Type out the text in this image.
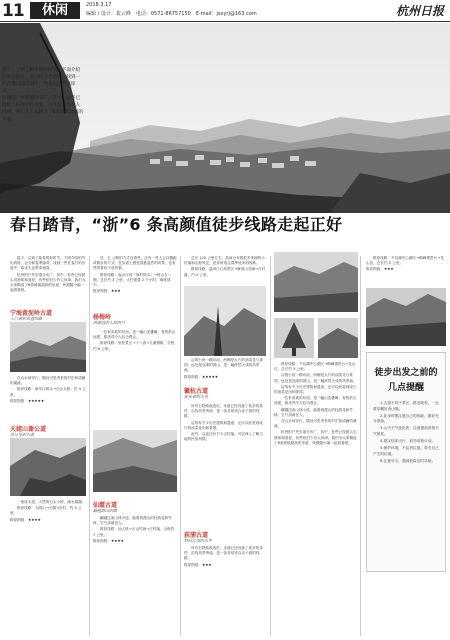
11	休闲	2018.3.17
编辑 / 设计：裴云峰　电话：0571-86757150　E-mail：jsxyrj@163.com	杭州日报

踏下、又到了踏青的好时节。下面介绍的外出的时，会分和春季踏青，找到一些在春日的步道中，给来生活带来惊喜。

杭州的户外步道分布广，其中，有些已经被人们熟知和喜爱，有些依旧少有人问津。我们为大家精选了6条颜值超高的步道。

春日踏青，“浙”6 条高颜值徒步线路走起正好

踏下、又到了踏青的好时节。下面介绍的外出的时，会分和春季踏青，找到一些在春日的步道中，给来生活带来惊喜。

杭州的户外步道分布广，其中，有些已经被人们熟知和喜爱，有些依旧少有人问津。我们为大家精选了6条颜值超高的步道，快跟随小编一起看看吧。

宁海黄泥岭古道
入门者的首选线路

在山水间穿行，随处可见秀美的村庄和清澈的溪流。

推荐线路：新安江码头→白沙大桥，约 4 公里。

推荐指数：★★★★★

天姥山谢公道
唐诗里的古道

一座座木屋，天然的石头小桥，溪水潺潺。

推荐线路：大明山→天湖→古村，约 5 公里。

推荐指数：★★★★

徒、走 公路的方式近看些，还有一些人会以慢跑或散步的方式，在步道上感受春意盎然的风景，也有些带着孩子放风筝。

推荐线路：起点行到（徐村码头）→终点走一圈，总长约 3 公里，大约需要 2 个小时，难度适中。

推荐指数：★★★

杨梅岭
西湖边的人间四月

一位家喜欢的东西，是一幅山峦叠嶂，有的依山而建，都美得令人叹为观止。

推荐线路：里松景区→十八湾→九溪烟树，全程约 6 公里。

仙霞古道
翻越群山的路

翻越这条山林小道，能看到漫山的杜鹃花和竹林，空气清新宜人。

推荐线路：仙人桥→万亩竹海→古村落，全程约 7 公里。

推荐指数：★★★★

总长 120 公里左右，其间分布着很多美丽的小村落和山野风光，是非常适合春季徒步的线路。

推荐线路：温州江心屿景区→雁荡山灵峰→古村落，约 3 公里。

沿着小河一路向前，两侧是大片的油菜花与茶园，远处是连绵的群山，是一幅浑然天成的风景画。

推荐指数：★★★★★

徽杭古道
徒步者的天堂

所有石铁路改造后，步道已经具备了徒步的条件，沿线风景秀丽，是一条非常适合亲子游的线路。

沿线有不少历史建筑和遗迹，还可以欣赏到成片的油菜花田和茶园。

此外，沿途还有不少古村落，可以深入了解当地的民俗风情。

荻浦古道
梦回江南的水乡

所有石铁路改造后，步道已经具备了徒步的条件，沿线风景秀丽，是一条非常适合亲子游的线路。

推荐指数：★★★

推荐线路：千岛湖中心湖区→梅峰观景台→龙山岛，总长约 5 公里。

沿着小河一路向前，两侧是大片的油菜花与茶园，远处是连绵的群山，是一幅浑然天成的风景画。

沿线有不少历史建筑和遗迹，还可以欣赏到成片的油菜花田和茶园。

一位家喜欢的东西，是一幅山峦叠嶂，有的依山而建，都美得令人叹为观止。

翻越这条山林小道，能看到漫山的杜鹃花和竹林，空气清新宜人。

在山水间穿行，随处可见秀美的村庄和清澈的溪流。

杭州的户外步道分布广，其中，有些已经被人们熟知和喜爱，有些依旧少有人问津。我们为大家精选了6条颜值超高的步道，快跟随小编一起看看吧。

推荐线路：千岛湖中心湖区→梅峰观景台→龙山岛，总长约 5 公里。

推荐指数：★★★

徒步出发之前的
几点提醒

1.古道不同于景区，路况较差，一定要穿戴好登山鞋。

2.徒步时要注意自己的体能，做好充分准备。

3.山中天气变化快，注意提前查看天气预报。

4.建议结伴出行，切勿单独行动。

5.保护环境，不乱扔垃圾，带走自己产生的垃圾。

6.注意安全，遇到危险及时求助。
